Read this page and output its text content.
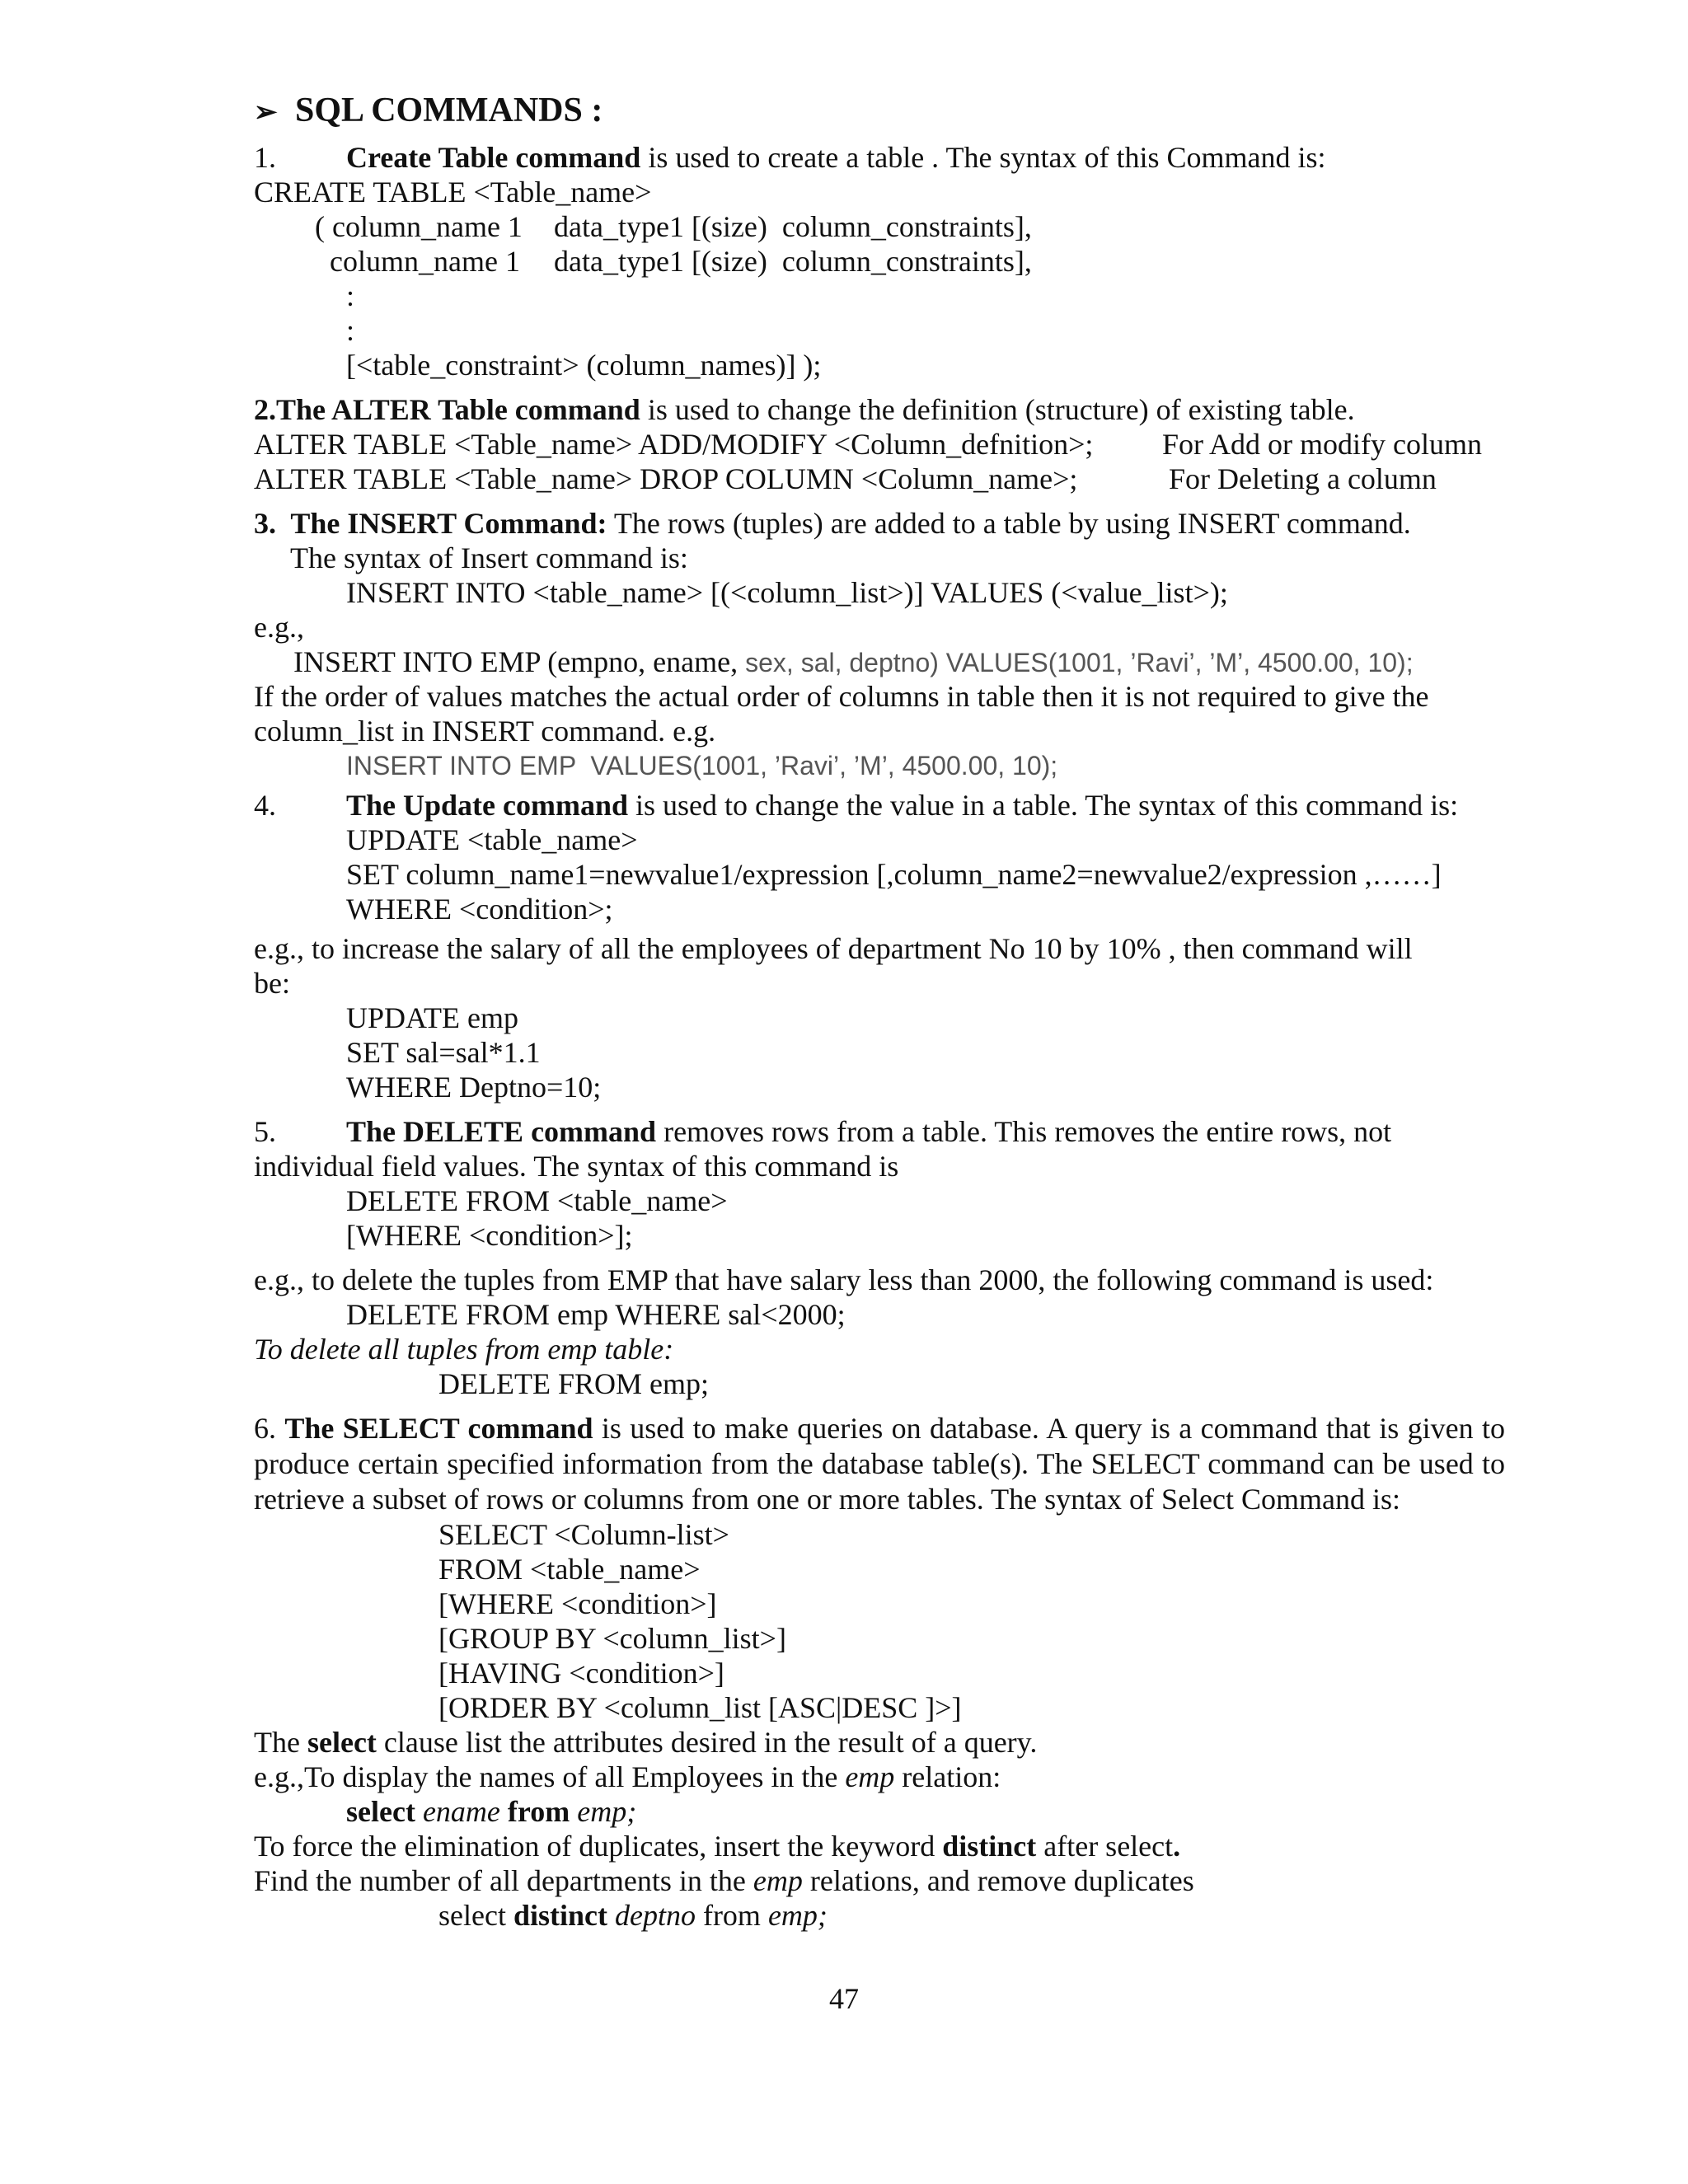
➢ SQL COMMANDS :
1. Create Table command is used to create a table . The syntax of this Command is:
CREATE TABLE <Table_name>
( column_name 1 data_type1 [(size)  column_constraints],
column_name 1 data_type1 [(size)  column_constraints],
:
:
[<table_constraint> (column_names)] );
2.The ALTER Table command is used to change the definition (structure) of existing table.
ALTER TABLE <Table_name> ADD/MODIFY <Column_defnition>; For Add or modify column
ALTER TABLE <Table_name> DROP COLUMN <Column_name>;	For Deleting a column
3.  The INSERT Command: The rows (tuples) are added to a table by using INSERT command.
The syntax of Insert command is:
INSERT INTO <table_name> [(<column_list>)] VALUES (<value_list>);
e.g.,
INSERT INTO EMP (empno, ename, sex, sal, deptno) VALUES(1001, ’Ravi’, ’M’, 4500.00, 10);
If the order of values matches the actual order of columns in table then it is not required to give the
column_list in INSERT command. e.g.
INSERT INTO EMP  VALUES(1001, ’Ravi’, ’M’, 4500.00, 10);
4. The Update command is used to change the value in a table. The syntax of this command is:
UPDATE <table_name>
SET column_name1=newvalue1/expression [,column_name2=newvalue2/expression ,……]
WHERE <condition>;
e.g., to increase the salary of all the employees of department No 10 by 10% , then command will
be:
UPDATE emp
SET sal=sal*1.1
WHERE Deptno=10;
5. The DELETE command removes rows from a table. This removes the entire rows, not
individual field values. The syntax of this command is
DELETE FROM <table_name>
[WHERE <condition>];
e.g., to delete the tuples from EMP that have salary less than 2000, the following command is used:
DELETE FROM emp WHERE sal<2000;
To delete all tuples from emp table:
DELETE FROM emp;
6. The SELECT command is used to make queries on database. A query is a command that is given to produce certain specified information from the database table(s). The SELECT command can be used to retrieve a subset of rows or columns from one or more tables. The syntax of Select Command is:
SELECT <Column-list>
FROM <table_name>
[WHERE <condition>]
[GROUP BY <column_list>]
[HAVING <condition>]
[ORDER BY <column_list [ASC|DESC ]>]
The select clause list the attributes desired in the result of a query.
e.g.,To display the names of all Employees in the emp relation:
select ename from emp;
To force the elimination of duplicates, insert the keyword distinct after select.
Find the number of all departments in the emp relations, and remove duplicates
select distinct deptno from emp;
47
